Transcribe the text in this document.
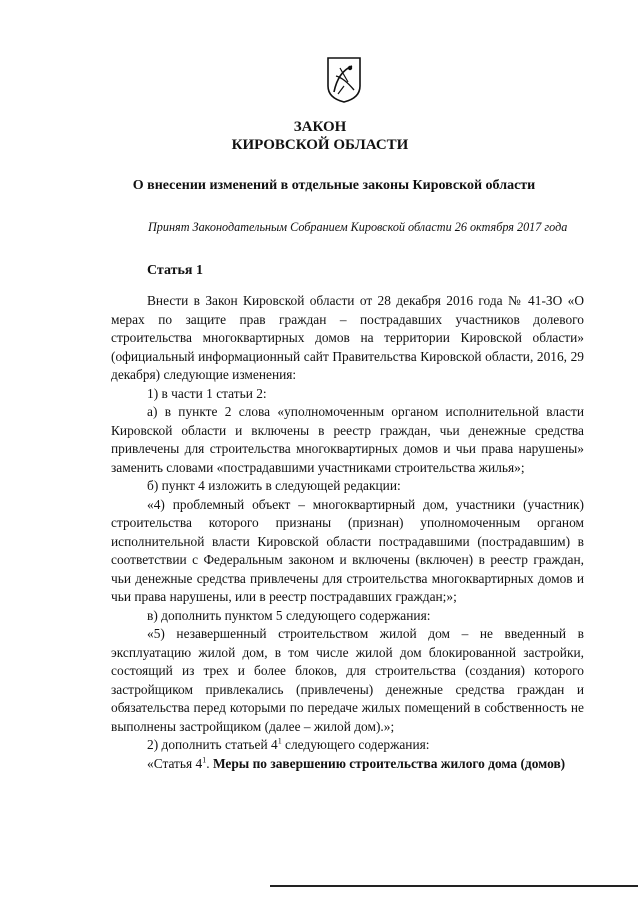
ЗАКОН
КИРОВСКОЙ ОБЛАСТИ
О внесении изменений в отдельные законы Кировской области
Принят Законодательным Собранием Кировской области 26 октября 2017 года
Статья 1

Внести в Закон Кировской области от 28 декабря 2016 года № 41-ЗО «О мерах по защите прав граждан – пострадавших участников долевого строительства многоквартирных домов на территории Кировской области» (официальный информационный сайт Правительства Кировской области, 2016, 29 декабря) следующие изменения:

1) в части 1 статьи 2:

а) в пункте 2 слова «уполномоченным органом исполнительной власти Кировской области и включены в реестр граждан, чьи денежные средства привлечены для строительства многоквартирных домов и чьи права нарушены» заменить словами «пострадавшими участниками строительства жилья»;

б) пункт 4 изложить в следующей редакции:

«4) проблемный объект – многоквартирный дом, участники (участник) строительства которого признаны (признан) уполномоченным органом исполнительной власти Кировской области пострадавшими (пострадавшим) в соответствии с Федеральным законом и включены (включен) в реестр граждан, чьи денежные средства привлечены для строительства многоквартирных домов и чьи права нарушены, или в реестр пострадавших граждан;»;

в) дополнить пунктом 5 следующего содержания:

«5) незавершенный строительством жилой дом – не введенный в эксплуатацию жилой дом, в том числе жилой дом блокированной застройки, состоящий из трех и более блоков, для строительства (создания) которого застройщиком привлекались (привлечены) денежные средства граждан и обязательства перед которыми по передаче жилых помещений в собственность не выполнены застройщиком (далее – жилой дом).»;

2) дополнить статьей $4^1$ следующего содержания:

«Статья $4^1$. Меры по завершению строительства жилого дома (домов)
